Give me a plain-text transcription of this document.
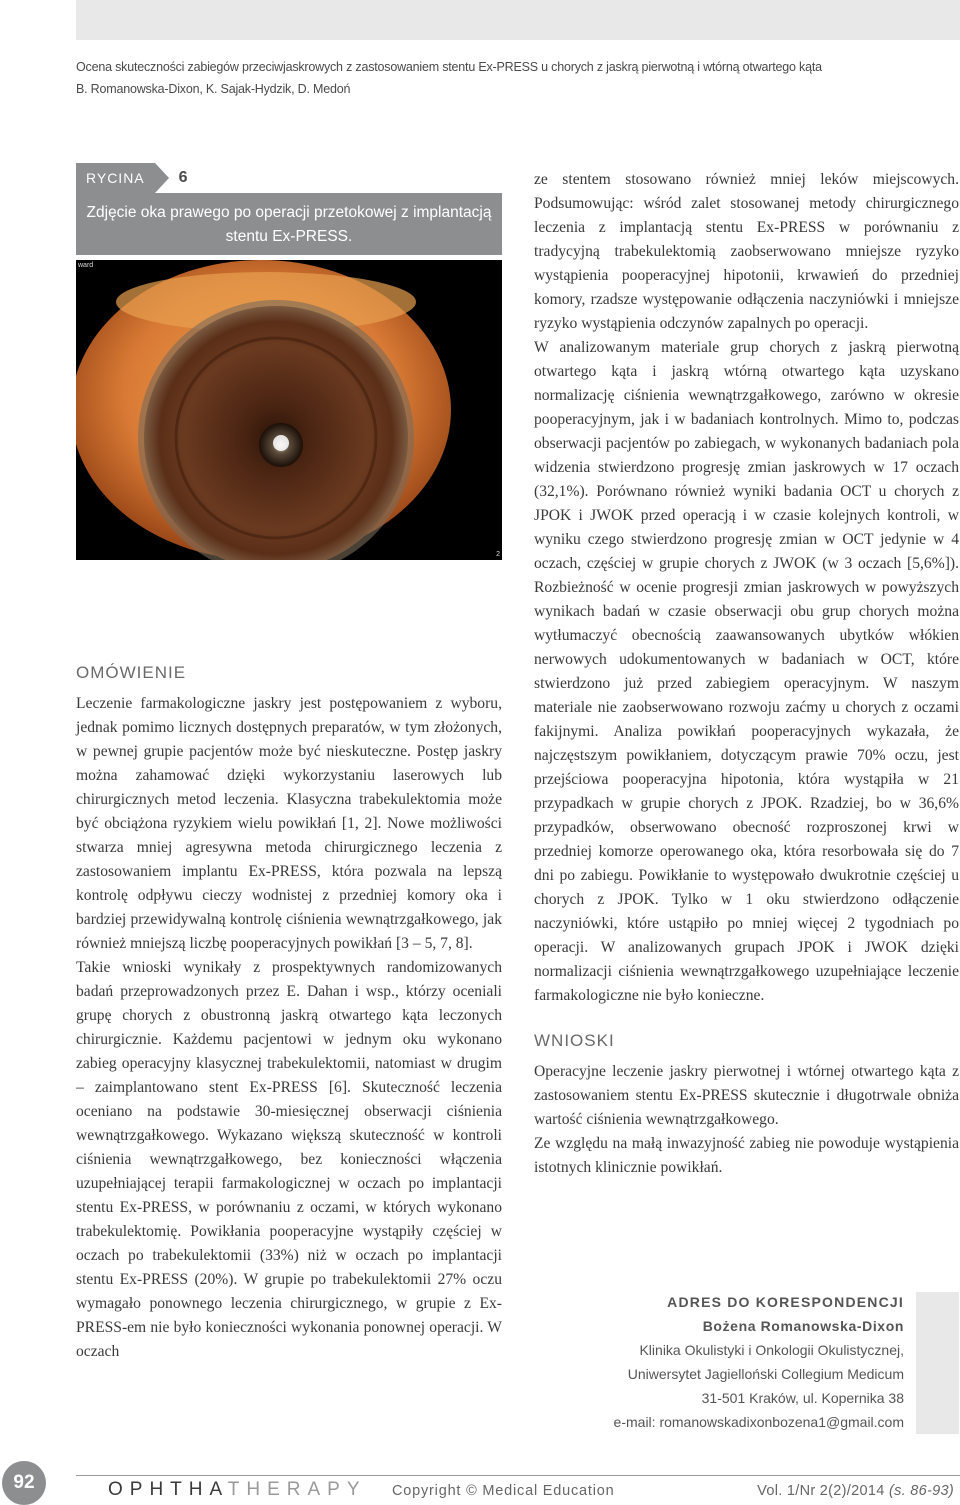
Ocena skuteczności zabiegów przeciwjaskrowych z zastosowaniem stentu Ex-PRESS u chorych z jaskrą pierwotną i wtórną otwartego kąta
B. Romanowska-Dixon, K. Sajak-Hydzik, D. Medoń
RYCINA	6
Zdjęcie oka prawego po operacji przetokowej z implantacją
stentu Ex-PRESS.
ward
2
OMÓWIENIE

Leczenie farmakologiczne jaskry jest postępowaniem z wyboru, jednak pomimo licznych dostępnych preparatów, w tym złożonych, w pewnej grupie pacjentów może być nieskuteczne. Postęp jaskry można zahamować dzięki wykorzystaniu laserowych lub chirurgicznych metod leczenia. Klasyczna trabekulektomia może być obciążona ryzykiem wielu powikłań [1, 2]. Nowe możliwości stwarza mniej agresywna metoda chirurgicznego leczenia z zastosowaniem implantu Ex-PRESS, która pozwala na lepszą kontrolę odpływu cieczy wodnistej z przedniej komory oka i bardziej przewidywalną kontrolę ciśnienia wewnątrzgałkowego, jak również mniejszą liczbę pooperacyjnych powikłań [3 – 5, 7, 8].

Takie wnioski wynikały z prospektywnych randomizowanych badań przeprowadzonych przez E. Dahan i wsp., którzy oceniali grupę chorych z obustronną jaskrą otwartego kąta leczonych chirurgicznie. Każdemu pacjentowi w jednym oku wykonano zabieg operacyjny klasycznej trabekulektomii, natomiast w drugim – zaimplantowano stent Ex-PRESS [6]. Skuteczność leczenia oceniano na podstawie 30-miesięcznej obserwacji ciśnienia wewnątrzgałkowego. Wykazano większą skuteczność w kontroli ciśnienia wewnątrzgałkowego, bez konieczności włączenia uzupełniającej terapii farmakologicznej w oczach po implantacji stentu Ex-PRESS, w porównaniu z oczami, w których wykonano trabekulektomię. Powikłania pooperacyjne wystąpiły częściej w oczach po trabekulektomii (33%) niż w oczach po implantacji stentu Ex-PRESS (20%). W grupie po trabekulektomii 27% oczu wymagało ponownego leczenia chirurgicznego, w grupie z Ex-PRESS-em nie było konieczności wykonania ponownej operacji. W oczach

ze stentem stosowano również mniej leków miejscowych. Podsumowując: wśród zalet stosowanej metody chirurgicznego leczenia z implantacją stentu Ex-PRESS w porównaniu z tradycyjną trabekulektomią zaobserwowano mniejsze ryzyko wystąpienia pooperacyjnej hipotonii, krwawień do przedniej komory, rzadsze występowanie odłączenia naczyniówki i mniejsze ryzyko wystąpienia odczynów zapalnych po operacji.

W analizowanym materiale grup chorych z jaskrą pierwotną otwartego kąta i jaskrą wtórną otwartego kąta uzyskano normalizację ciśnienia wewnątrzgałkowego, zarówno w okresie pooperacyjnym, jak i w badaniach kontrolnych. Mimo to, podczas obserwacji pacjentów po zabiegach, w wykonanych badaniach pola widzenia stwierdzono progresję zmian jaskrowych w 17 oczach (32,1%). Porównano również wyniki badania OCT u chorych z JPOK i JWOK przed operacją i w czasie kolejnych kontroli, w wyniku czego stwierdzono progresję zmian w OCT jedynie w 4 oczach, częściej w grupie chorych z JWOK (w 3 oczach [5,6%]). Rozbieżność w ocenie progresji zmian jaskrowych w powyższych wynikach badań w czasie obserwacji obu grup chorych można wytłumaczyć obecnością zaawansowanych ubytków włókien nerwowych udokumentowanych w badaniach w OCT, które stwierdzono już przed zabiegiem operacyjnym. W naszym materiale nie zaobserwowano rozwoju zaćmy u chorych z oczami fakijnymi. Analiza powikłań pooperacyjnych wykazała, że najczęstszym powikłaniem, dotyczącym prawie 70% oczu, jest przejściowa pooperacyjna hipotonia, która wystąpiła w 21 przypadkach w grupie chorych z JPOK. Rzadziej, bo w 36,6% przypadków, obserwowano obecność rozproszonej krwi w przedniej komorze operowanego oka, która resorbowała się do 7 dni po zabiegu. Powikłanie to występowało dwukrotnie częściej u chorych z JPOK. Tylko w 1 oku stwierdzono odłączenie naczyniówki, które ustąpiło po mniej więcej 2 tygodniach po operacji. W analizowanych grupach JPOK i JWOK dzięki normalizacji ciśnienia wewnątrzgałkowego uzupełniające leczenie farmakologiczne nie było konieczne.

WNIOSKI

Operacyjne leczenie jaskry pierwotnej i wtórnej otwartego kąta z zastosowaniem stentu Ex-PRESS skutecznie i długotrwale obniża wartość ciśnienia wewnątrzgałkowego.

Ze względu na małą inwazyjność zabieg nie powoduje wystąpienia istotnych klinicznie powikłań.

ADRES DO KORESPONDENCJI
Bożena Romanowska-Dixon
Klinika Okulistyki i Onkologii Okulistycznej,
Uniwersytet Jagielloński Collegium Medicum
31-501 Kraków, ul. Kopernika 38
e-mail: romanowskadixonbozena1@gmail.com
92	OPHTHATHERAPY Copyright © Medical Education	Vol. 1/Nr 2(2)/2014 (s. 86-93)
